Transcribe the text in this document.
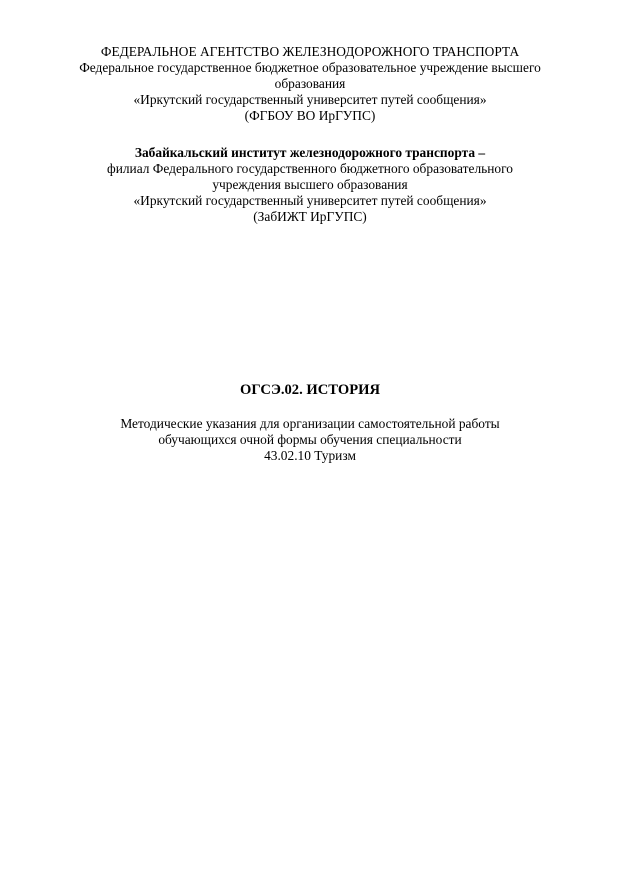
ФЕДЕРАЛЬНОЕ АГЕНТСТВО ЖЕЛЕЗНОДОРОЖНОГО ТРАНСПОРТА
Федеральное государственное бюджетное образовательное учреждение высшего
образования
«Иркутский государственный университет путей сообщения»
(ФГБОУ ВО ИрГУПС)
Забайкальский институт железнодорожного транспорта –
филиал Федерального государственного бюджетного образовательного
учреждения высшего образования
«Иркутский государственный университет путей сообщения»
(ЗабИЖТ ИрГУПС)
ОГСЭ.02. ИСТОРИЯ
Методические указания для организации самостоятельной работы
обучающихся очной формы обучения специальности
43.02.10 Туризм
